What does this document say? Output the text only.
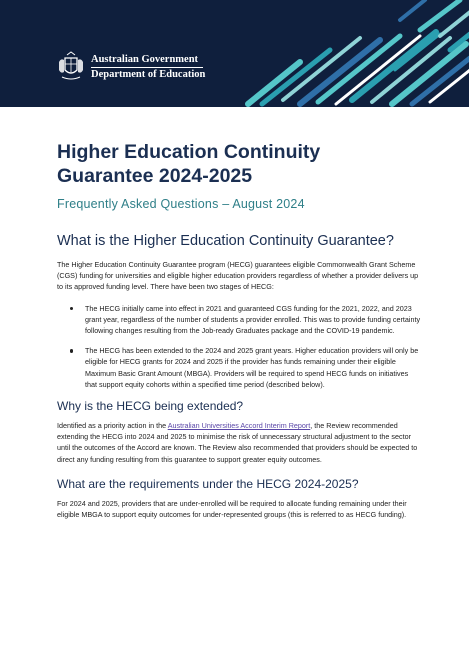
Australian Government
Department of Education
Higher Education Continuity
Guarantee 2024-2025
Frequently Asked Questions – August 2024
What is the Higher Education Continuity Guarantee?

The Higher Education Continuity Guarantee program (HECG) guarantees eligible Commonwealth Grant Scheme (CGS) funding for universities and eligible higher education providers regardless of whether a provider delivers up to its approved funding level. There have been two stages of HECG:

The HECG initially came into effect in 2021 and guaranteed CGS funding for the 2021, 2022, and 2023 grant year, regardless of the number of students a provider enrolled. This was to provide funding certainty following changes resulting from the Job-ready Graduates package and the COVID-19 pandemic.

The HECG has been extended to the 2024 and 2025 grant years. Higher education providers will only be eligible for HECG grants for 2024 and 2025 if the provider has funds remaining under their eligible Maximum Basic Grant Amount (MBGA). Providers will be required to spend HECG funds on initiatives that support equity cohorts within a specified time period (described below).

Why is the HECG being extended?

Identified as a priority action in the Australian Universities Accord Interim Report, the Review recommended extending the HECG into 2024 and 2025 to minimise the risk of unnecessary structural adjustment to the sector until the outcomes of the Accord are known. The Review also recommended that providers should be expected to direct any funding resulting from this guarantee to support greater equity outcomes.

What are the requirements under the HECG 2024-2025?

For 2024 and 2025, providers that are under-enrolled will be required to allocate funding remaining under their eligible MBGA to support equity outcomes for under-represented groups (this is referred to as HECG funding).
